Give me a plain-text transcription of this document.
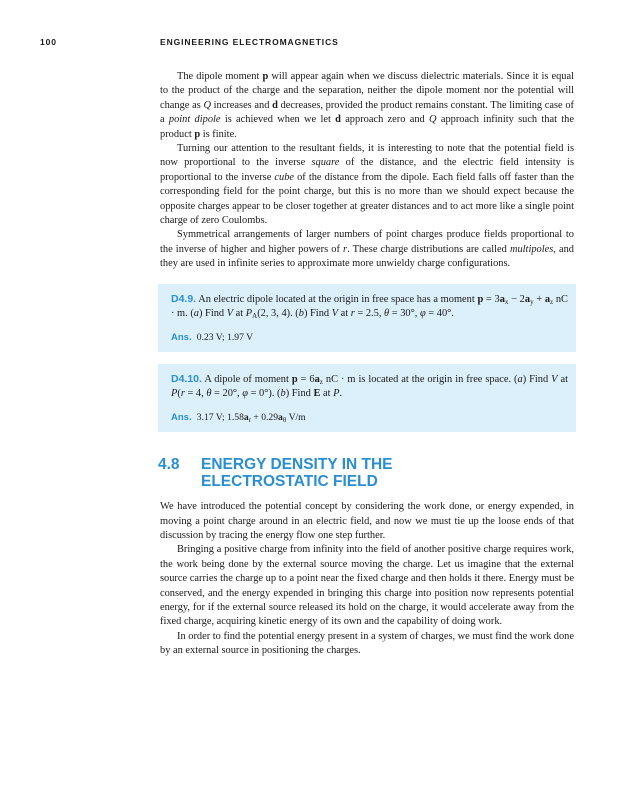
100	ENGINEERING ELECTROMAGNETICS

The dipole moment p will appear again when we discuss dielectric materials. Since it is equal to the product of the charge and the separation, neither the dipole moment nor the potential will change as Q increases and d decreases, provided the product remains constant. The limiting case of a point dipole is achieved when we let d approach zero and Q approach infinity such that the product p is finite.

Turning our attention to the resultant fields, it is interesting to note that the potential field is now proportional to the inverse square of the distance, and the electric field intensity is proportional to the inverse cube of the distance from the dipole. Each field falls off faster than the corresponding field for the point charge, but this is no more than we should expect because the opposite charges appear to be closer together at greater distances and to act more like a single point charge of zero Coulombs.

Symmetrical arrangements of larger numbers of point charges produce fields proportional to the inverse of higher and higher powers of r. These charge distributions are called multipoles, and they are used in infinite series to approximate more unwieldy charge configurations.

D4.9. An electric dipole located at the origin in free space has a moment $p = 3a_x - 2a_y + a_z$ nC · m. (a) Find V at $P_A(2$, 3, 4). (b) Find V at r = 2.5, θ = 30°, φ = 40°.

Ans. 0.23 V; 1.97 V

D4.10. A dipole of moment $p = 6a_z$ nC · m is located at the origin in free space. (a) Find V at P(r = 4, θ = 20°, φ = 0°). (b) Find E at P.

Ans. 3.17 V; $1.58a_r + 0.29a_\theta$ V/m

4.8 ENERGY DENSITY IN THE
ELECTROSTATIC FIELD

We have introduced the potential concept by considering the work done, or energy expended, in moving a point charge around in an electric field, and now we must tie up the loose ends of that discussion by tracing the energy flow one step further.

Bringing a positive charge from infinity into the field of another positive charge requires work, the work being done by the external source moving the charge. Let us imagine that the external source carries the charge up to a point near the fixed charge and then holds it there. Energy must be conserved, and the energy expended in bringing this charge into position now represents potential energy, for if the external source released its hold on the charge, it would accelerate away from the fixed charge, acquiring kinetic energy of its own and the capability of doing work.

In order to find the potential energy present in a system of charges, we must find the work done by an external source in positioning the charges.
